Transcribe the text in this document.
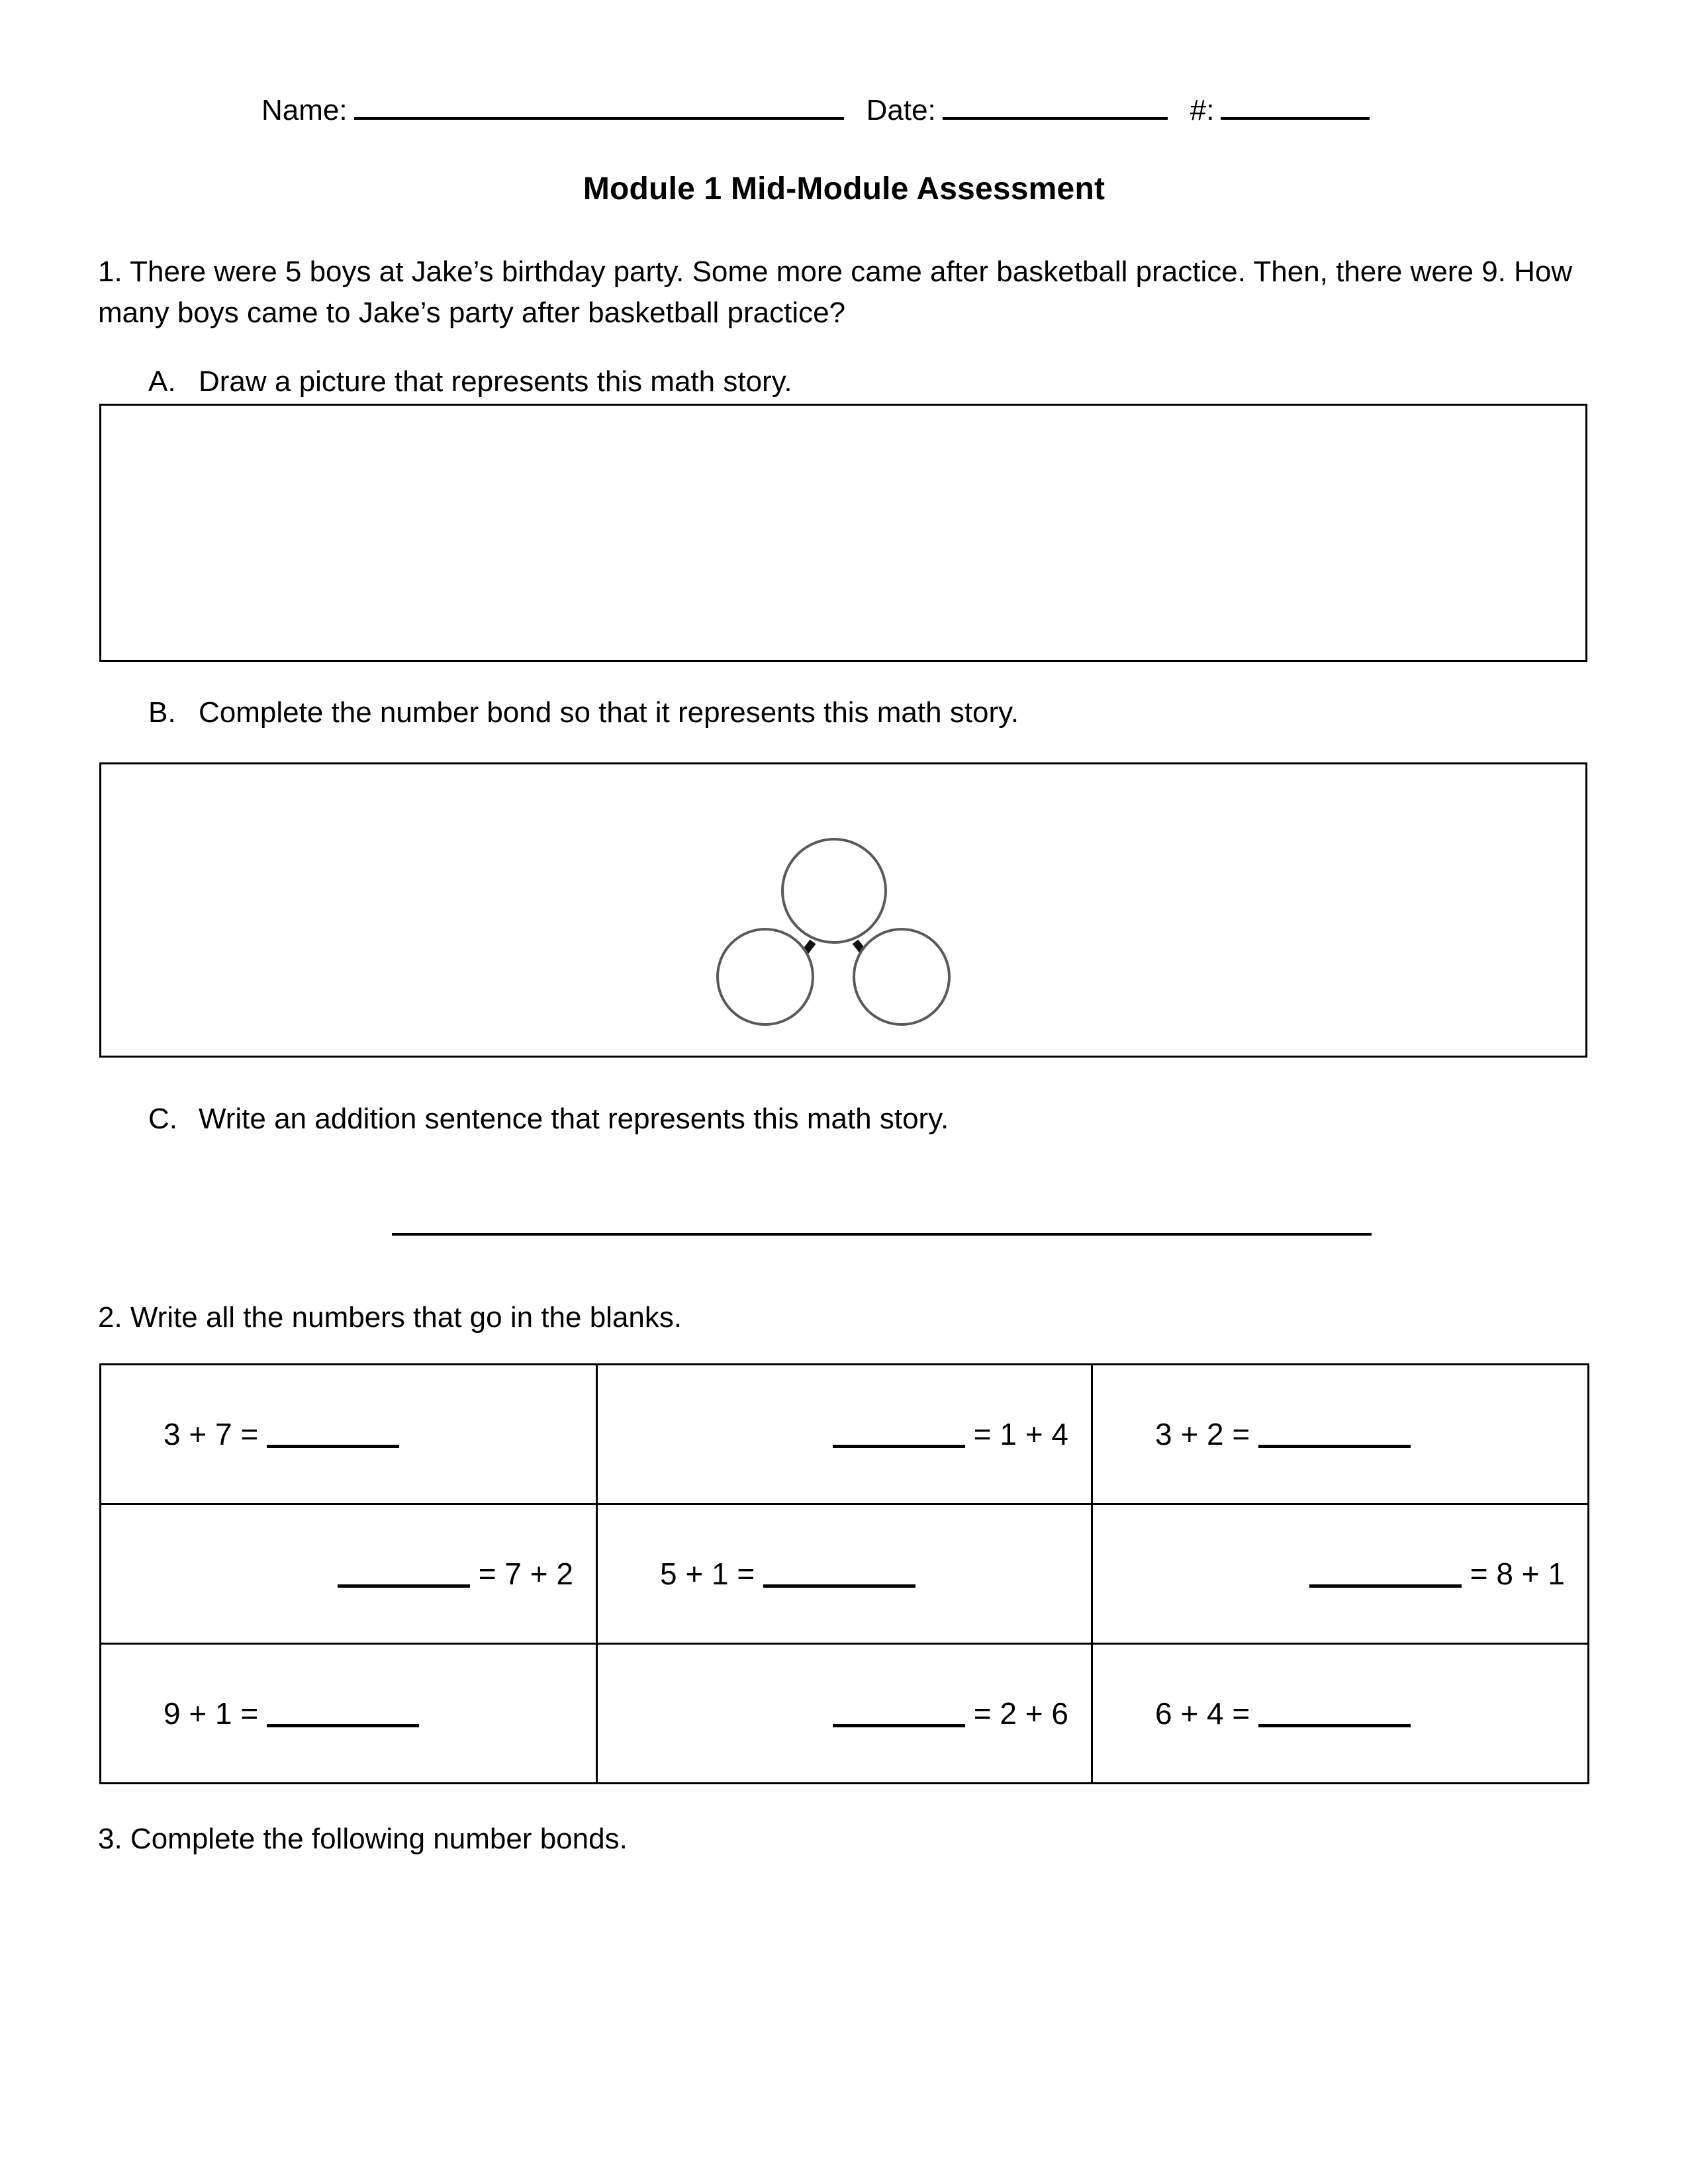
Name:	Date:	#:
Module 1 Mid-Module Assessment
1. There were 5 boys at Jake’s birthday party. Some more came after basketball practice. Then, there were 9. How many boys came to Jake’s party after basketball practice?
A. Draw a picture that represents this math story.
B. Complete the number bond so that it represents this math story.
C. Write an addition sentence that represents this math story.
2. Write all the numbers that go in the blanks.
3 + 7 =	= 1 + 4	3 + 2 =

= 7 + 2	5 + 1 =	= 8 + 1

9 + 1 =	= 2 + 6	6 + 4 =
3. Complete the following number bonds.
